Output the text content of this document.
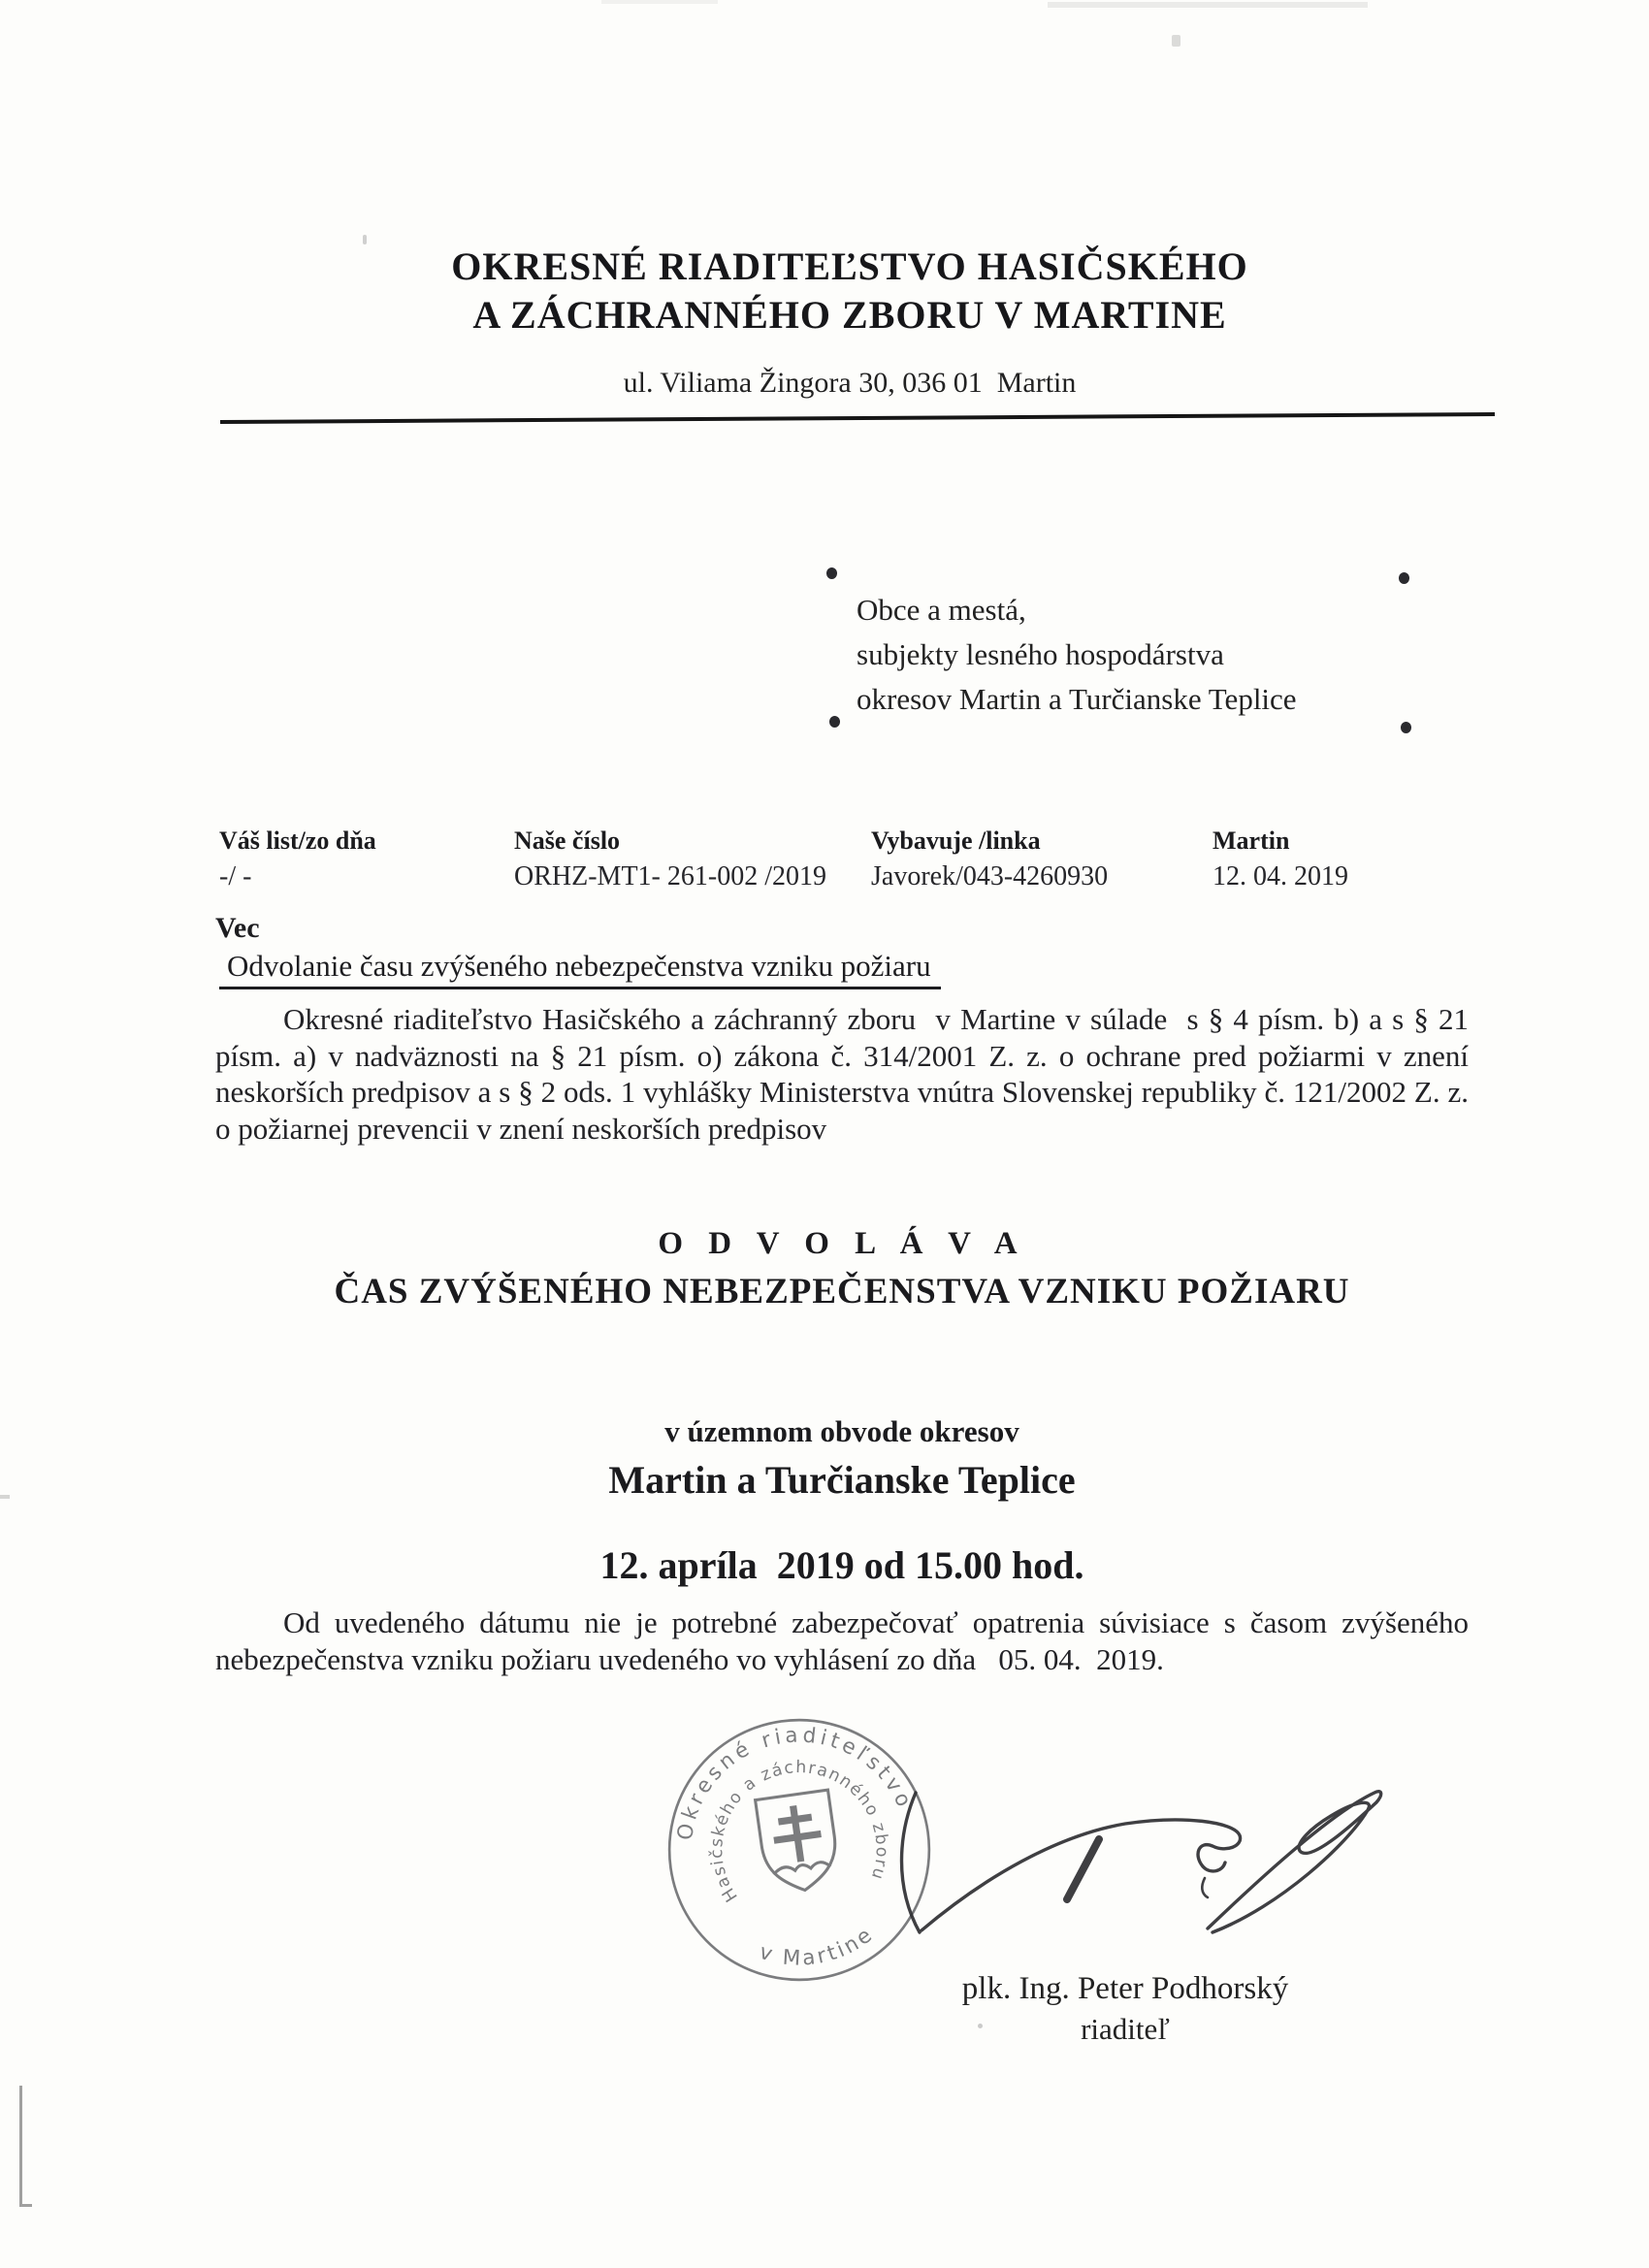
OKRESNÉ RIADITEĽSTVO HASIČSKÉHO
A ZÁCHRANNÉHO ZBORU V MARTINE
ul. Viliama Žingora 30, 036 01  Martin
Obce a mestá,
subjekty lesného hospodárstva
okresov Martin a Turčianske Teplice
Váš list/zo dňa
-/ -
Naše číslo
ORHZ-MT1- 261-002 /2019
Vybavuje /linka
Javorek/043-4260930
Martin
12. 04. 2019
Vec
Odvolanie času zvýšeného nebezpečenstva vzniku požiaru
Okresné riaditeľstvo Hasičského a záchranný zboru  v Martine v súlade  s § 4 písm. b) a s § 21 písm. a) v nadväznosti na § 21 písm. o) zákona č. 314/2001 Z. z. o ochrane pred požiarmi v znení neskorších predpisov a s § 2 ods. 1 vyhlášky Ministerstva vnútra Slovenskej republiky č. 121/2002 Z. z. o požiarnej prevencii v znení neskorších predpisov
O D V O L Á V A
ČAS ZVÝŠENÉHO NEBEZPEČENSTVA VZNIKU POŽIARU
v územnom obvode okresov
Martin a Turčianske Teplice
12. apríla  2019 od 15.00 hod.
Od uvedeného dátumu nie je potrebné zabezpečovať opatrenia súvisiace s časom zvýšeného nebezpečenstva vzniku požiaru uvedeného vo vyhlásení zo dňa   05. 04.  2019.
Okresné riaditeľstvo
Hasičského a záchranného zboru
v Martine
plk. Ing. Peter Podhorský
riaditeľ
